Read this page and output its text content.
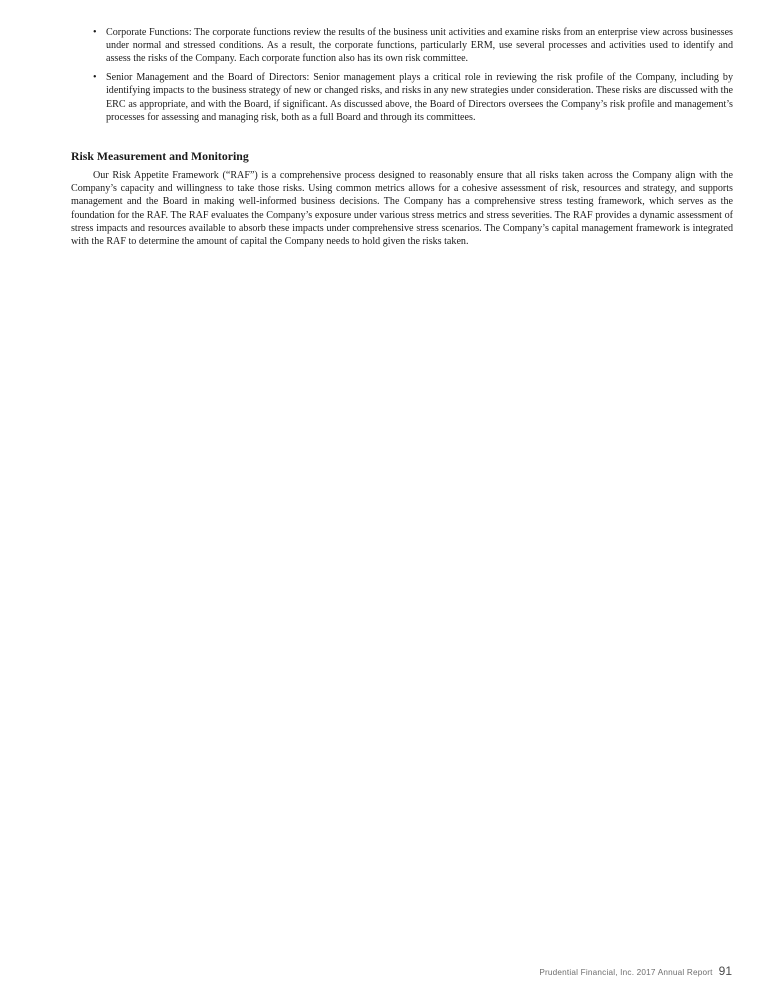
• Corporate Functions: The corporate functions review the results of the business unit activities and examine risks from an enterprise view across businesses under normal and stressed conditions. As a result, the corporate functions, particularly ERM, use several processes and activities used to identify and assess the risks of the Company. Each corporate function also has its own risk committee.
• Senior Management and the Board of Directors: Senior management plays a critical role in reviewing the risk profile of the Company, including by identifying impacts to the business strategy of new or changed risks, and risks in any new strategies under consideration. These risks are discussed with the ERC as appropriate, and with the Board, if significant. As discussed above, the Board of Directors oversees the Company’s risk profile and management’s processes for assessing and managing risk, both as a full Board and through its committees.
Risk Measurement and Monitoring

Our Risk Appetite Framework (“RAF”) is a comprehensive process designed to reasonably ensure that all risks taken across the Company align with the Company’s capacity and willingness to take those risks. Using common metrics allows for a cohesive assessment of risk, resources and strategy, and supports management and the Board in making well-informed business decisions. The Company has a comprehensive stress testing framework, which serves as the foundation for the RAF. The RAF evaluates the Company’s exposure under various stress metrics and stress severities. The RAF provides a dynamic assessment of stress impacts and resources available to absorb these impacts under comprehensive stress scenarios. The Company’s capital management framework is integrated with the RAF to determine the amount of capital the Company needs to hold given the risks taken.

Prudential Financial, Inc. 2017 Annual Report 91
